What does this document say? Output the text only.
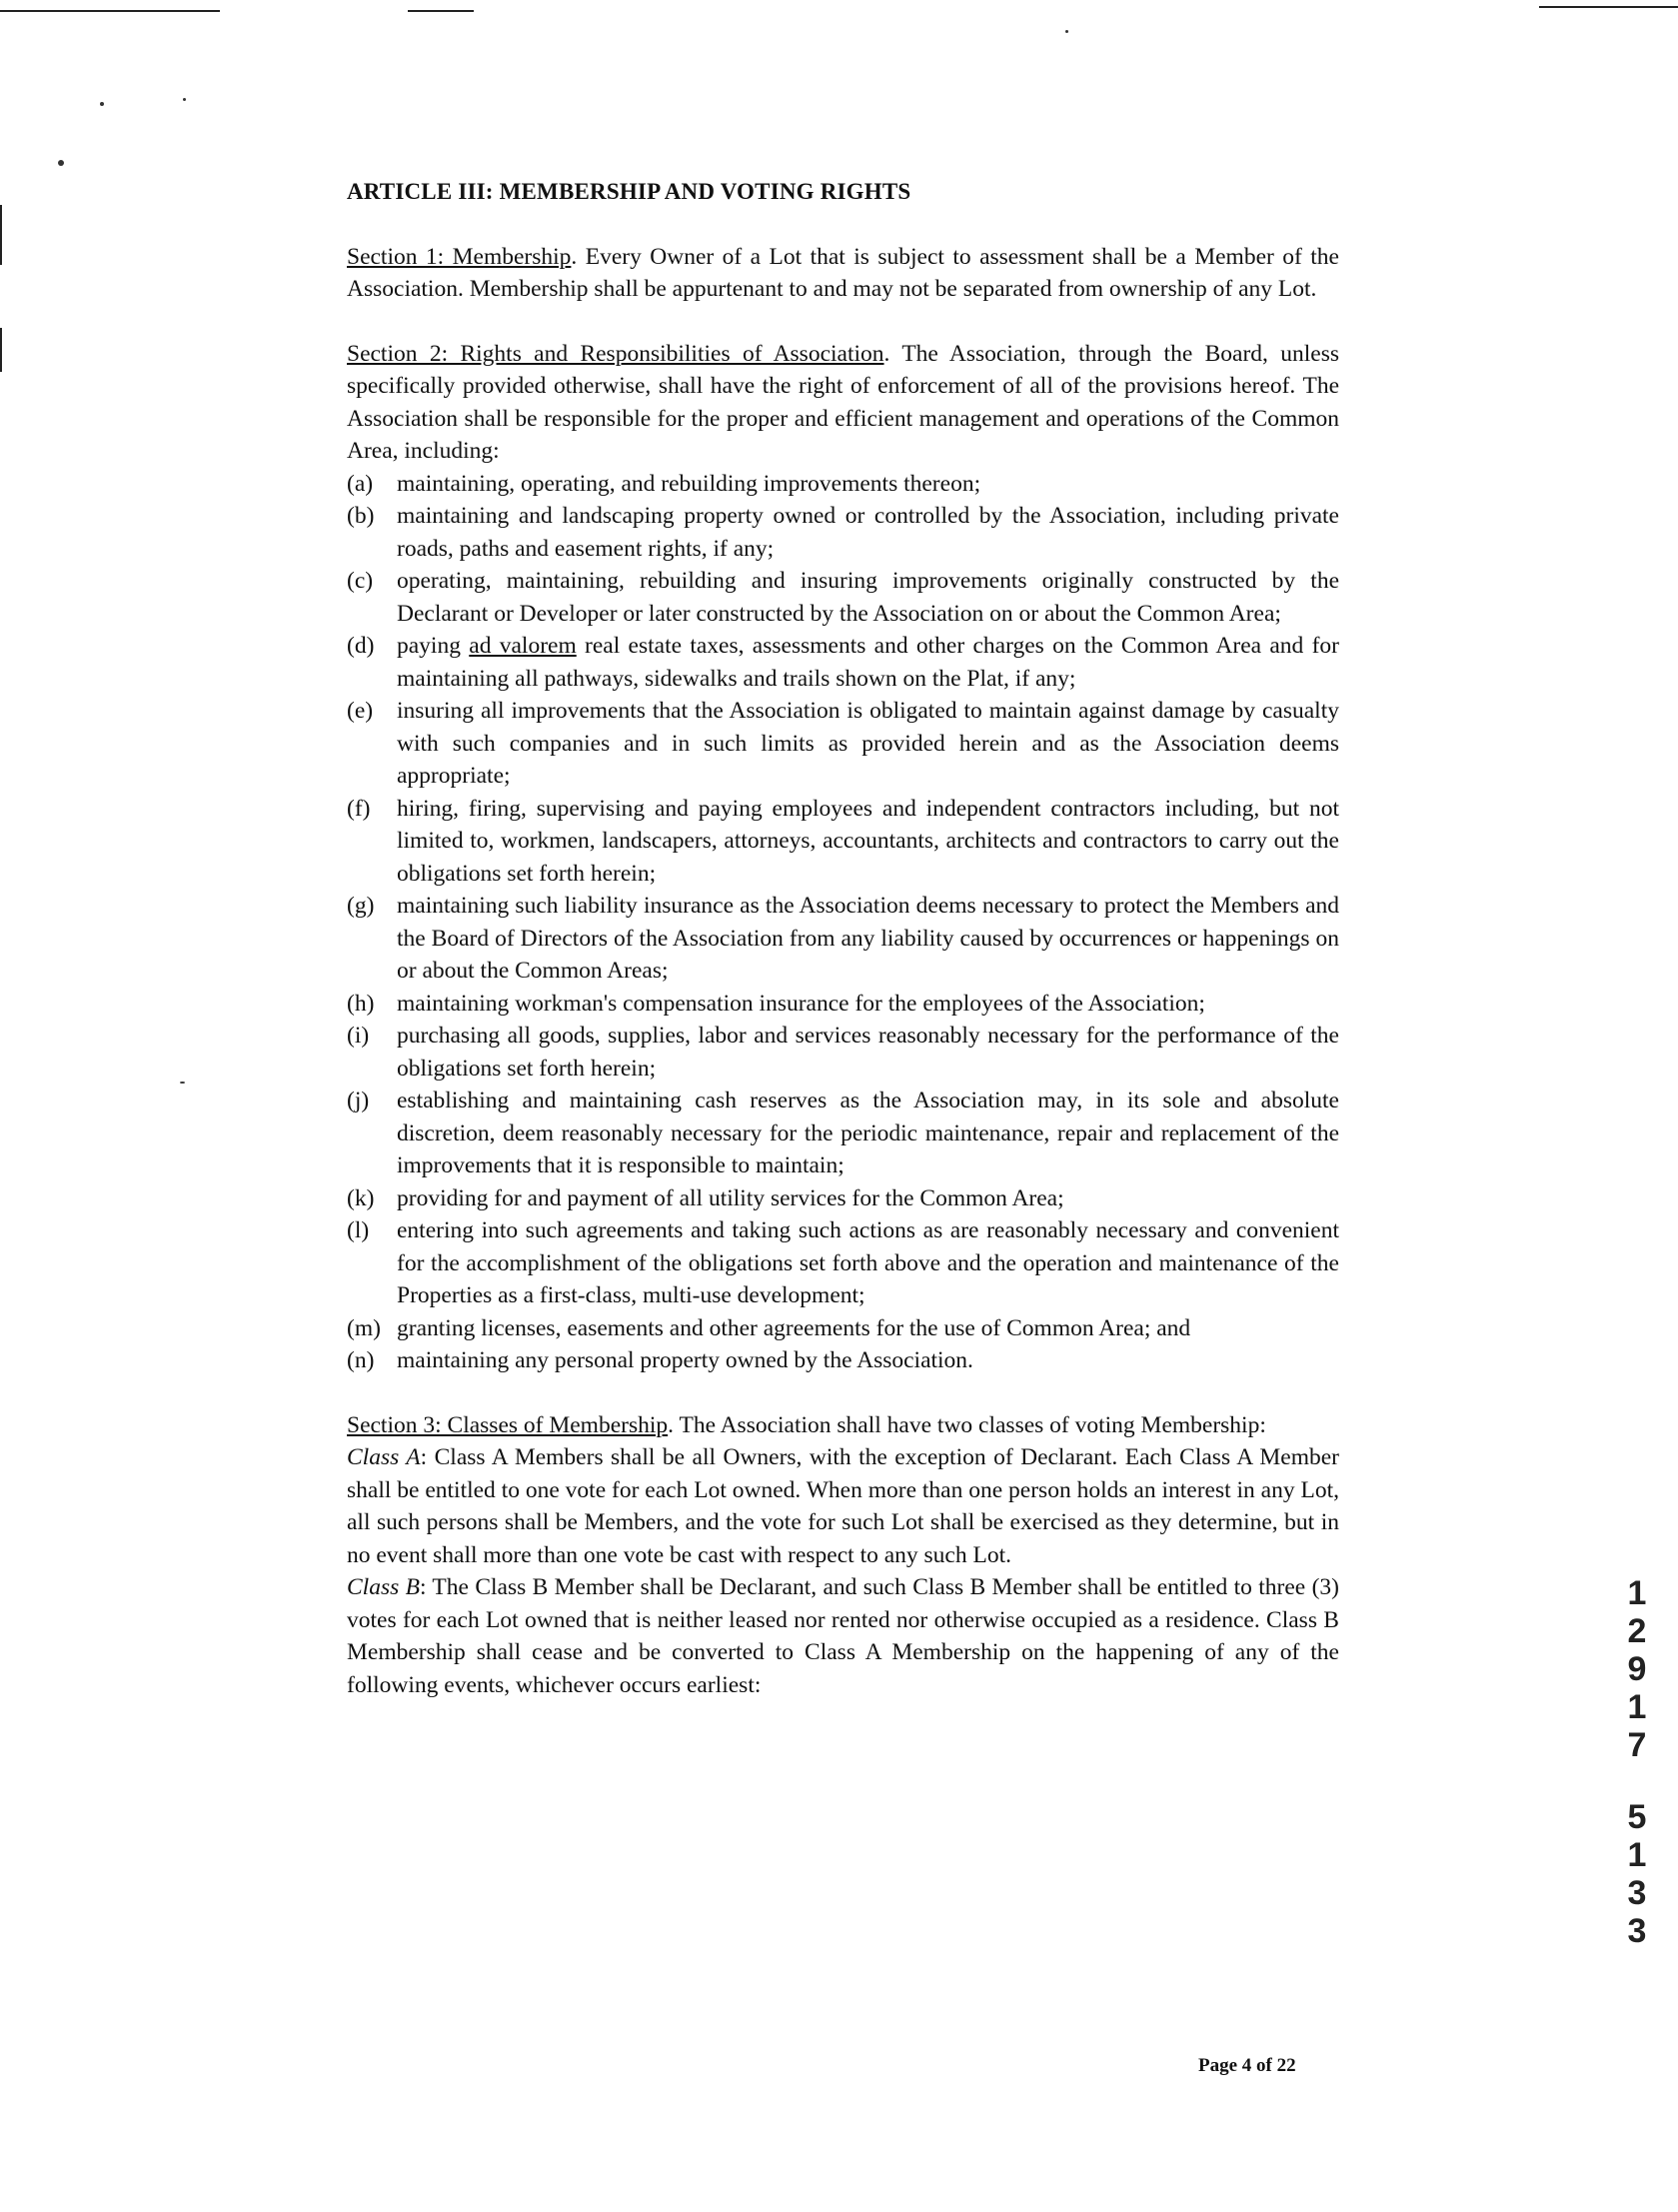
ARTICLE III: MEMBERSHIP AND VOTING RIGHTS

Section 1: Membership. Every Owner of a Lot that is subject to assessment shall be a Member of the Association. Membership shall be appurtenant to and may not be separated from ownership of any Lot.

Section 2: Rights and Responsibilities of Association. The Association, through the Board, unless specifically provided otherwise, shall have the right of enforcement of all of the provisions hereof. The Association shall be responsible for the proper and efficient management and operations of the Common Area, including:

(a)	maintaining, operating, and rebuilding improvements thereon;
(b) maintaining and landscaping property owned or controlled by the Association, including private roads, paths and easement rights, if any;
(c)	operating, maintaining, rebuilding and insuring improvements originally constructed by the Declarant or Developer or later constructed by the Association on or about the Common Area;
(d) paying ad valorem real estate taxes, assessments and other charges on the Common Area and for maintaining all pathways, sidewalks and trails shown on the Plat, if any;
(e)	insuring all improvements that the Association is obligated to maintain against damage by casualty with such companies and in such limits as provided herein and as the Association deems appropriate;
(f)	hiring, firing, supervising and paying employees and independent contractors including, but not limited to, workmen, landscapers, attorneys, accountants, architects and contractors to carry out the obligations set forth herein;
(g) maintaining such liability insurance as the Association deems necessary to protect the Members and the Board of Directors of the Association from any liability caused by occurrences or happenings on or about the Common Areas;
(h) maintaining workman's compensation insurance for the employees of the Association;
(i)	purchasing all goods, supplies, labor and services reasonably necessary for the performance of the obligations set forth herein;
(j)	establishing and maintaining cash reserves as the Association may, in its sole and absolute discretion, deem reasonably necessary for the periodic maintenance, repair and replacement of the improvements that it is responsible to maintain;
(k) providing for and payment of all utility services for the Common Area;
(l)	entering into such agreements and taking such actions as are reasonably necessary and convenient for the accomplishment of the obligations set forth above and the operation and maintenance of the Properties as a first-class, multi-use development;
(m) granting licenses, easements and other agreements for the use of Common Area; and
(n) maintaining any personal property owned by the Association.

Section 3: Classes of Membership. The Association shall have two classes of voting Membership:

Class A: Class A Members shall be all Owners, with the exception of Declarant. Each Class A Member shall be entitled to one vote for each Lot owned. When more than one person holds an interest in any Lot, all such persons shall be Members, and the vote for such Lot shall be exercised as they determine, but in no event shall more than one vote be cast with respect to any such Lot.

Class B: The Class B Member shall be Declarant, and such Class B Member shall be entitled to three (3) votes for each Lot owned that is neither leased nor rented nor otherwise occupied as a residence. Class B Membership shall cease and be converted to Class A Membership on the happening of any of the following events, whichever occurs earliest:

1
2
9
1
7
5
1
3
3
Page 4 of 22
